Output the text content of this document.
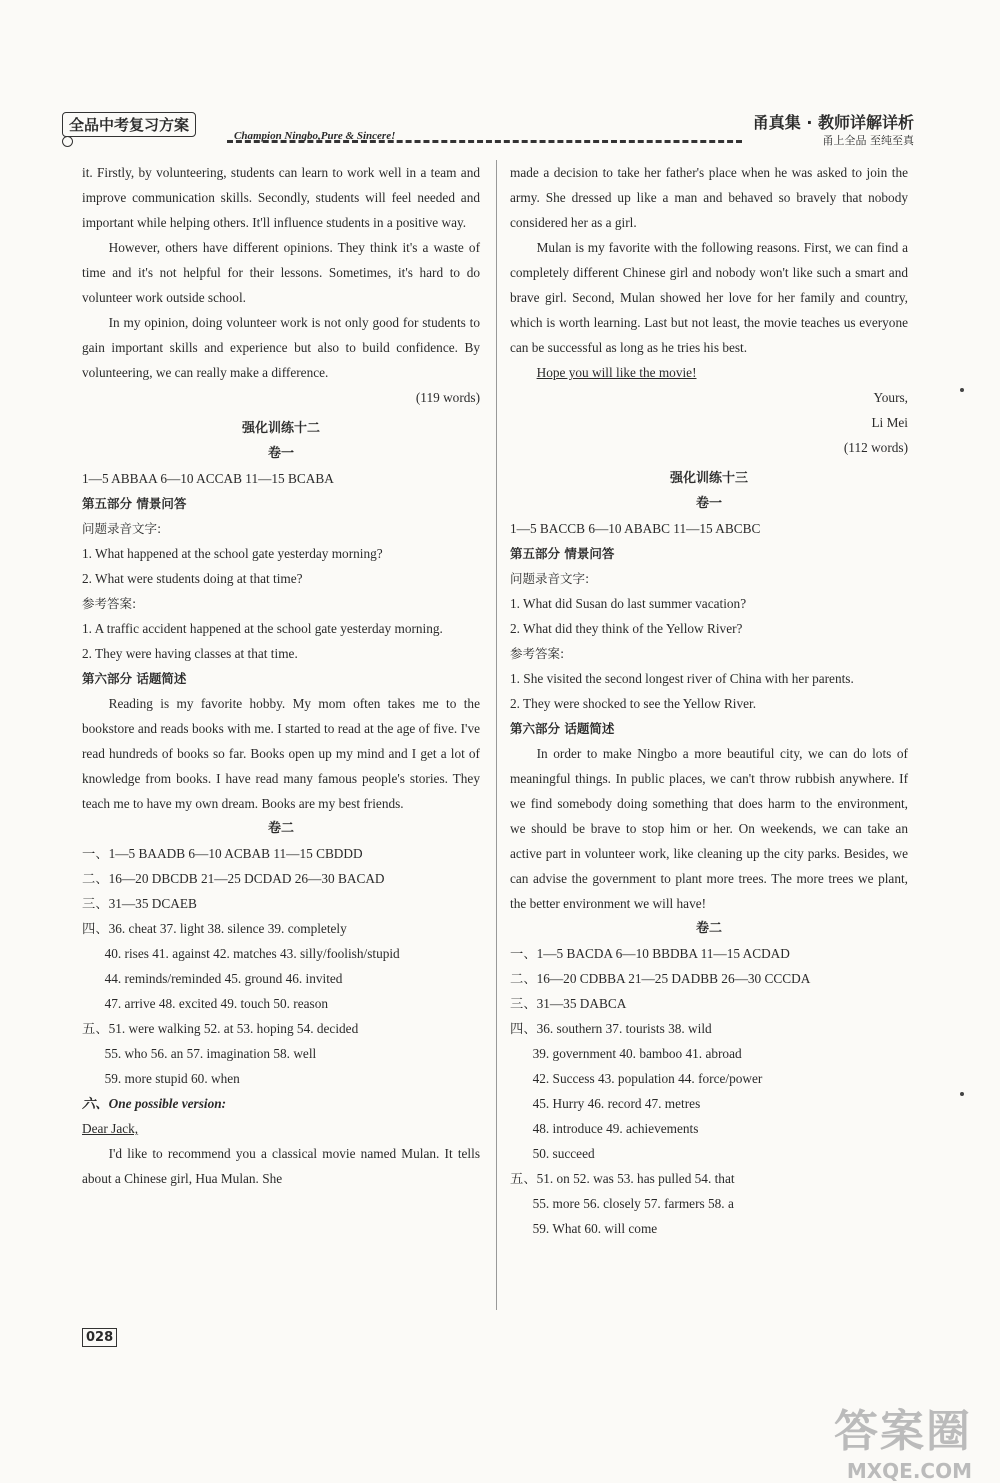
全品中考复习方案
Champion Ningbo,Pure & Sincere!
甬真集 · 教师详解详析
甬上全品 至纯至真

it. Firstly, by volunteering, students can learn to work well in a team and improve communication skills. Secondly, students will feel needed and important while helping others. It'll influence students in a positive way.

However, others have different opinions. They think it's a waste of time and it's not helpful for their lessons. Sometimes, it's hard to do volunteer work outside school.

In my opinion, doing volunteer work is not only good for students to gain important skills and experience but also to build confidence. By volunteering, we can really make a difference.

(119 words)

强化训练十二

卷一

1—5 ABBAA 6—10 ACCAB 11—15 BCABA

第五部分 情景问答

问题录音文字:

1. What happened at the school gate yesterday morning?

2. What were students doing at that time?

参考答案:

1. A traffic accident happened at the school gate yesterday morning.

2. They were having classes at that time.

第六部分 话题简述

Reading is my favorite hobby. My mom often takes me to the bookstore and reads books with me. I started to read at the age of five. I've read hundreds of books so far. Books open up my mind and I get a lot of knowledge from books. I have read many famous people's stories. They teach me to have my own dream. Books are my best friends.

卷二

一、1—5 BAADB 6—10 ACBAB 11—15 CBDDD

二、16—20 DBCDB 21—25 DCDAD 26—30 BACAD

三、31—35 DCAEB

四、36. cheat 37. light 38. silence 39. completely

40. rises 41. against 42. matches 43. silly/foolish/stupid

44. reminds/reminded 45. ground 46. invited

47. arrive 48. excited 49. touch 50. reason

五、51. were walking 52. at 53. hoping 54. decided

55. who 56. an 57. imagination 58. well

59. more stupid 60. when

六、One possible version:

Dear Jack,

I'd like to recommend you a classical movie named Mulan. It tells about a Chinese girl, Hua Mulan. She

made a decision to take her father's place when he was asked to join the army. She dressed up like a man and behaved so bravely that nobody considered her as a girl.

Mulan is my favorite with the following reasons. First, we can find a completely different Chinese girl and nobody won't like such a smart and brave girl. Second, Mulan showed her love for her family and country, which is worth learning. Last but not least, the movie teaches us everyone can be successful as long as he tries his best.

Hope you will like the movie!

Yours,

Li Mei

(112 words)

强化训练十三

卷一

1—5 BACCB 6—10 ABABC 11—15 ABCBC

第五部分 情景问答

问题录音文字:

1. What did Susan do last summer vacation?

2. What did they think of the Yellow River?

参考答案:

1. She visited the second longest river of China with her parents.

2. They were shocked to see the Yellow River.

第六部分 话题简述

In order to make Ningbo a more beautiful city, we can do lots of meaningful things. In public places, we can't throw rubbish anywhere. If we find somebody doing something that does harm to the environment, we should be brave to stop him or her. On weekends, we can take an active part in volunteer work, like cleaning up the city parks. Besides, we can advise the government to plant more trees. The more trees we plant, the better environment we will have!

卷二

一、1—5 BACDA 6—10 BBDBA 11—15 ACDAD

二、16—20 CDBBA 21—25 DADBB 26—30 CCCDA

三、31—35 DABCA

四、36. southern 37. tourists 38. wild

39. government 40. bamboo 41. abroad

42. Success 43. population 44. force/power

45. Hurry 46. record 47. metres

48. introduce 49. achievements

50. succeed

五、51. on 52. was 53. has pulled 54. that

55. more 56. closely 57. farmers 58. a

59. What 60. will come

028
答案圈
MXQE.COM
